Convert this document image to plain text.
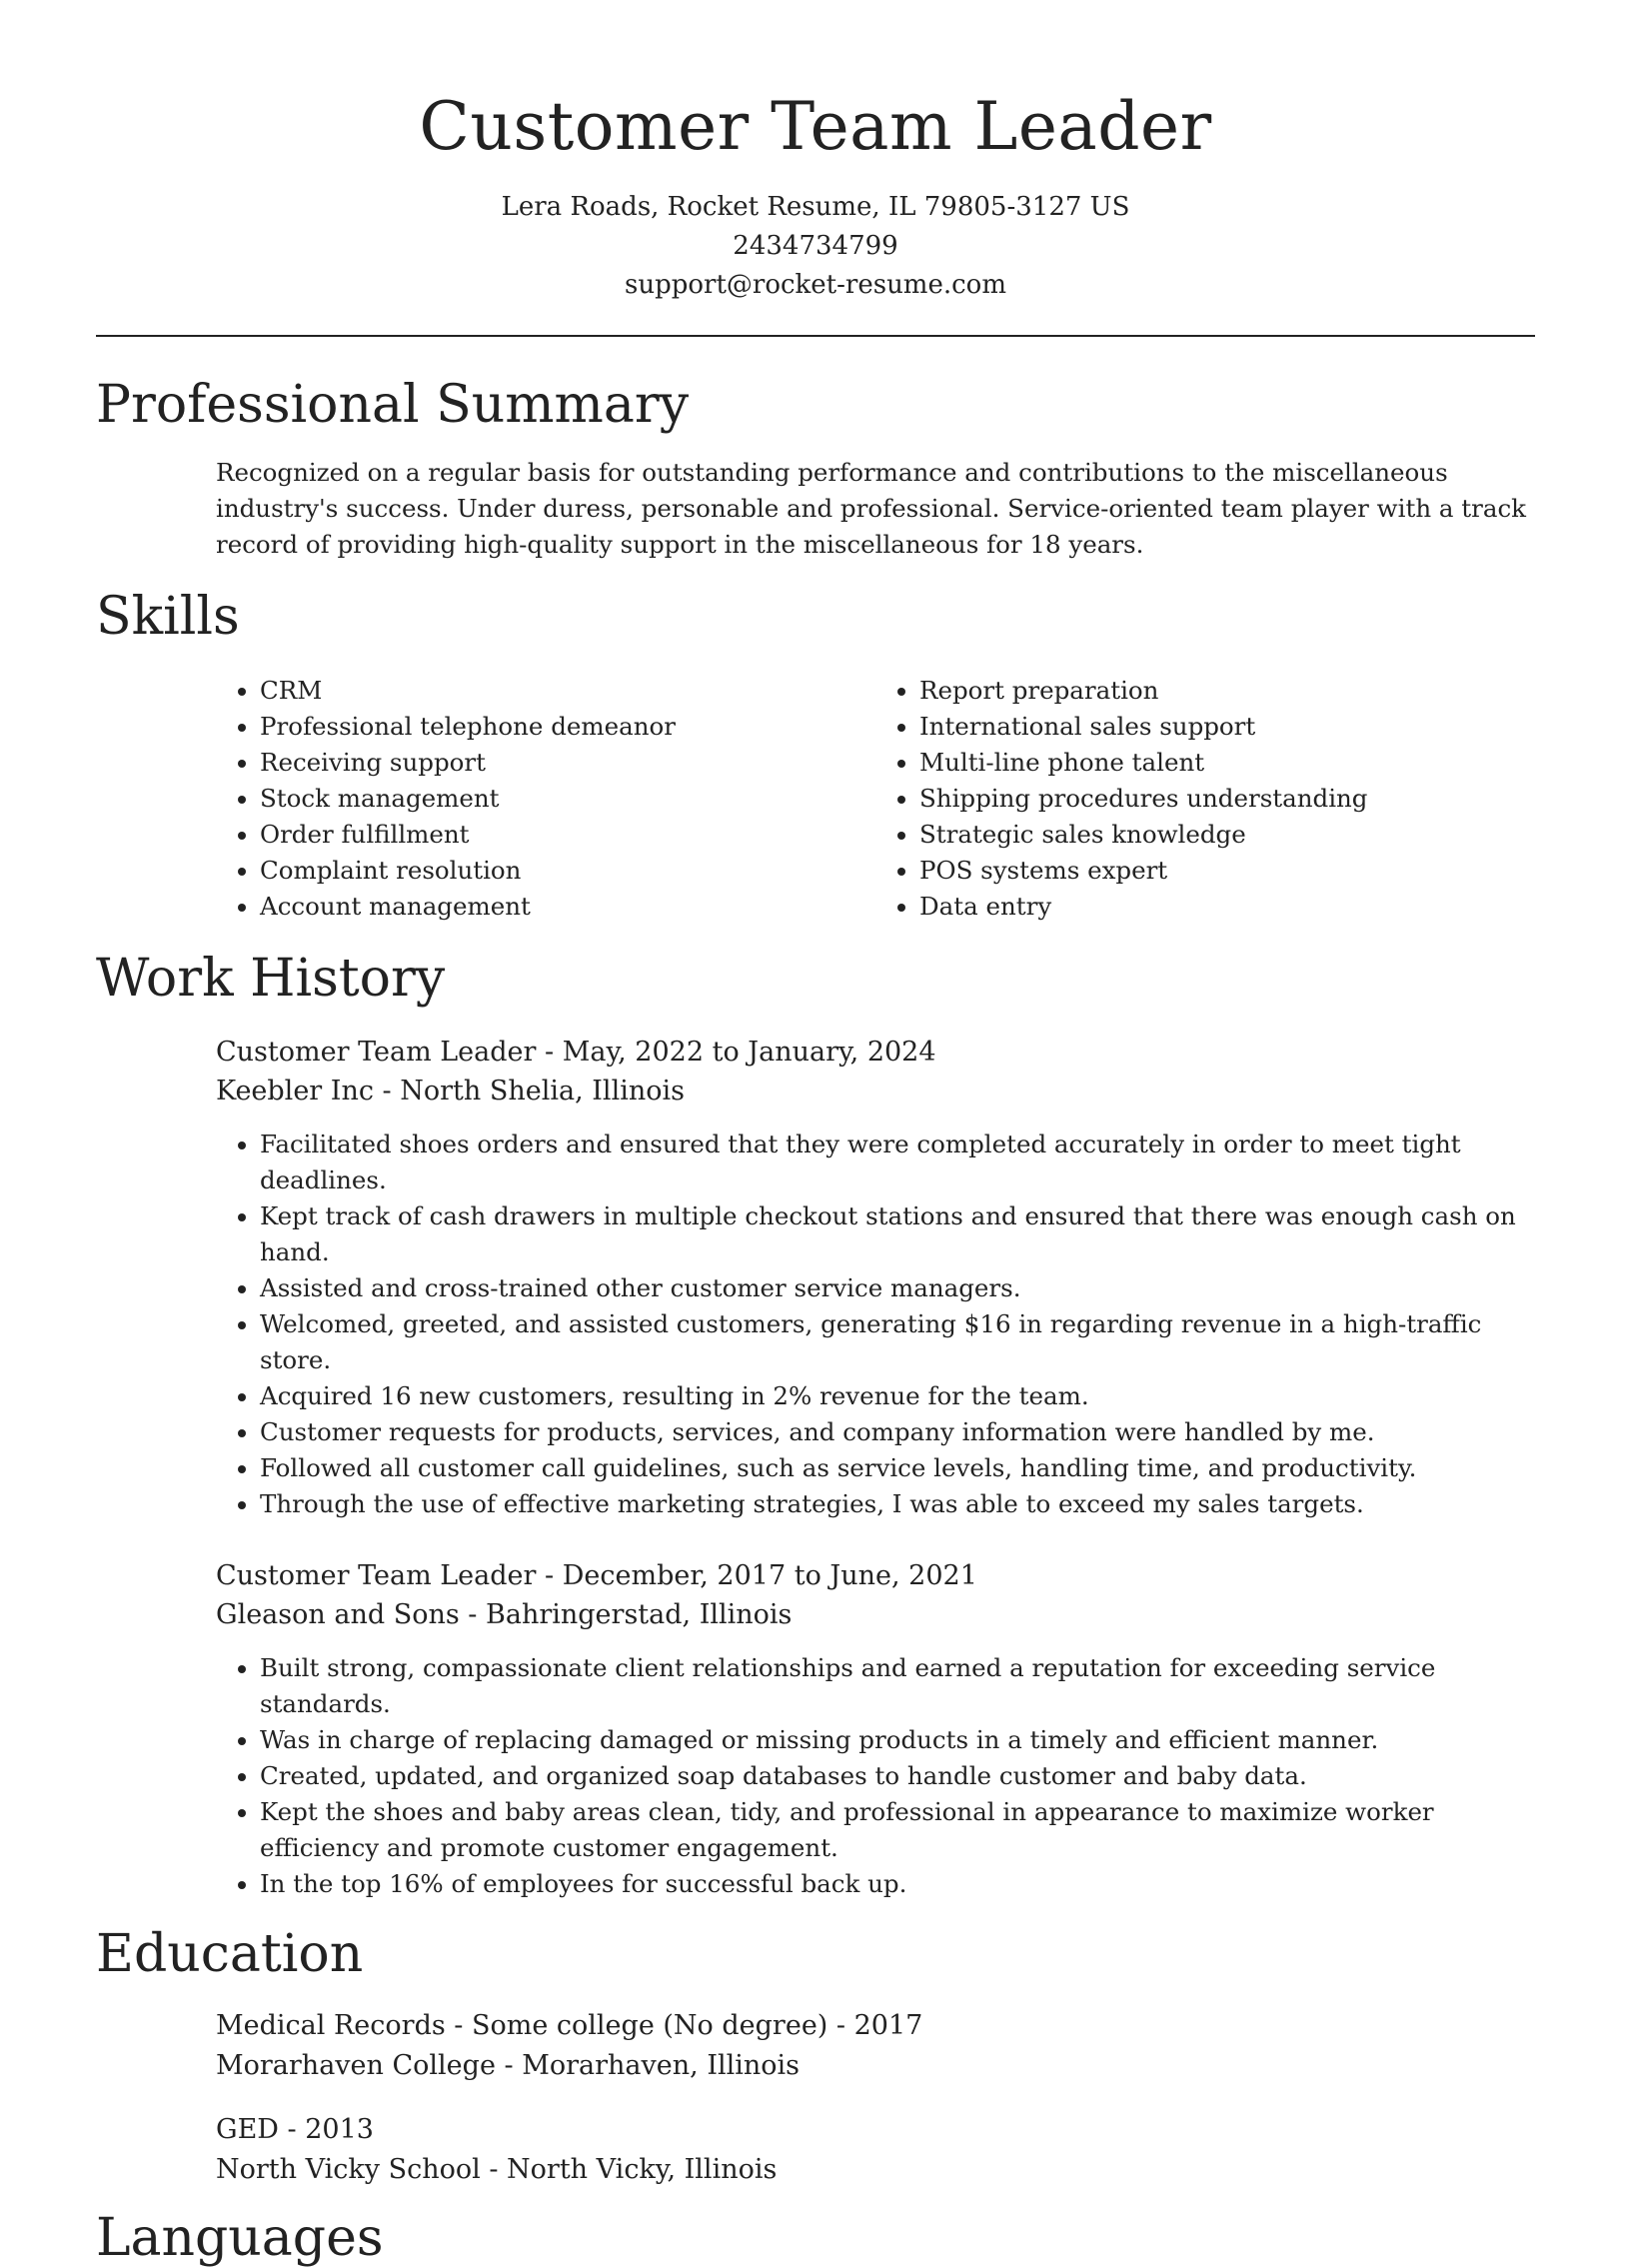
Customer Team Leader
Lera Roads, Rocket Resume, IL 79805-3127 US
2434734799
support@rocket-resume.com
Professional Summary

Recognized on a regular basis for outstanding performance and contributions to the miscellaneous industry's success. Under duress, personable and professional. Service-oriented team player with a track record of providing high-quality support in the miscellaneous for 18 years.

Skills
• CRM
• Professional telephone demeanor
• Receiving support
• Stock management
• Order fulfillment
• Complaint resolution
• Account management
• Report preparation
• International sales support
• Multi-line phone talent
• Shipping procedures understanding
• Strategic sales knowledge
• POS systems expert
• Data entry
Work History
Customer Team Leader - May, 2022 to January, 2024
Keebler Inc - North Shelia, Illinois
• Facilitated shoes orders and ensured that they were completed accurately in order to meet tight deadlines.
• Kept track of cash drawers in multiple checkout stations and ensured that there was enough cash on hand.
• Assisted and cross-trained other customer service managers.
• Welcomed, greeted, and assisted customers, generating $16 in regarding revenue in a high-traffic store.
• Acquired 16 new customers, resulting in 2% revenue for the team.
• Customer requests for products, services, and company information were handled by me.
• Followed all customer call guidelines, such as service levels, handling time, and productivity.
• Through the use of effective marketing strategies, I was able to exceed my sales targets.
Customer Team Leader - December, 2017 to June, 2021
Gleason and Sons - Bahringerstad, Illinois
• Built strong, compassionate client relationships and earned a reputation for exceeding service standards.
• Was in charge of replacing damaged or missing products in a timely and efficient manner.
• Created, updated, and organized soap databases to handle customer and baby data.
• Kept the shoes and baby areas clean, tidy, and professional in appearance to maximize worker efficiency and promote customer engagement.
• In the top 16% of employees for successful back up.
Education
Medical Records - Some college (No degree) - 2017
Morarhaven College - Morarhaven, Illinois
GED - 2013
North Vicky School - North Vicky, Illinois
Languages
